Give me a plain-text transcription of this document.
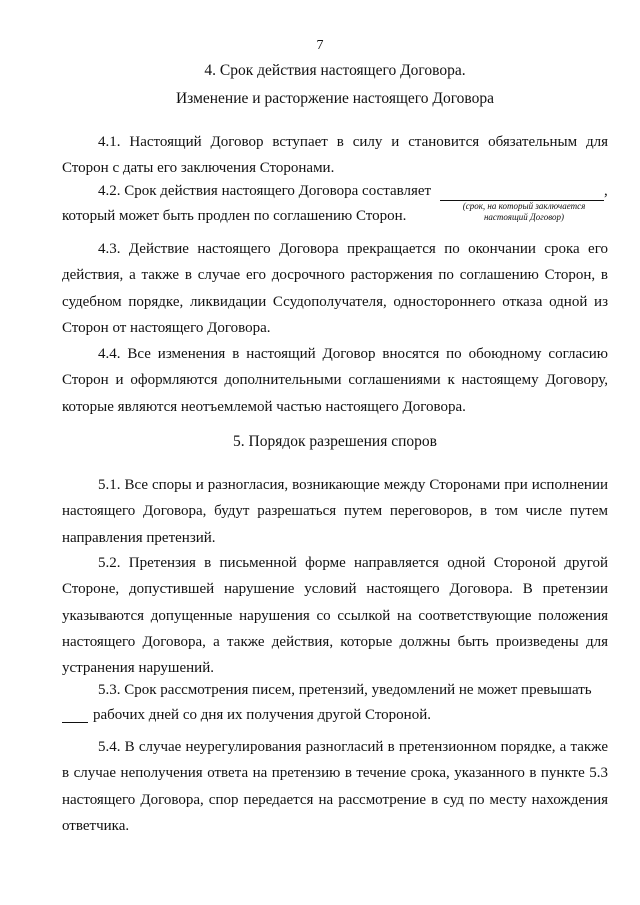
7
4. Срок действия настоящего Договора.
Изменение и расторжение настоящего Договора
4.1. Настоящий Договор вступает в силу и становится обязательным для Сторон с даты его заключения Сторонами.
4.2. Срок действия настоящего Договора составляет	,
(срок, на который заключается настоящий Договор)
который может быть продлен по соглашению Сторон.
4.3. Действие настоящего Договора прекращается по окончании срока его действия, а также в случае его досрочного расторжения по соглашению Сторон, в судебном порядке, ликвидации Ссудополучателя, одностороннего отказа одной из Сторон от настоящего Договора.
4.4. Все изменения в настоящий Договор вносятся по обоюдному согласию Сторон и оформляются дополнительными соглашениями к настоящему Договору, которые являются неотъемлемой частью настоящего Договора.
5. Порядок разрешения споров
5.1. Все споры и разногласия, возникающие между Сторонами при исполнении настоящего Договора, будут разрешаться путем переговоров, в том числе путем направления претензий.
5.2. Претензия в письменной форме направляется одной Стороной другой Стороне, допустившей нарушение условий настоящего Договора. В претензии указываются допущенные нарушения со ссылкой на соответствующие положения настоящего Договора, а также действия, которые должны быть произведены для устранения нарушений.
5.3. Срок рассмотрения писем, претензий, уведомлений не может превышать
рабочих дней со дня их получения другой Стороной.
5.4. В случае неурегулирования разногласий в претензионном порядке, а также в случае неполучения ответа на претензию в течение срока, указанного в пункте 5.3 настоящего Договора, спор передается на рассмотрение в суд по месту нахождения ответчика.
